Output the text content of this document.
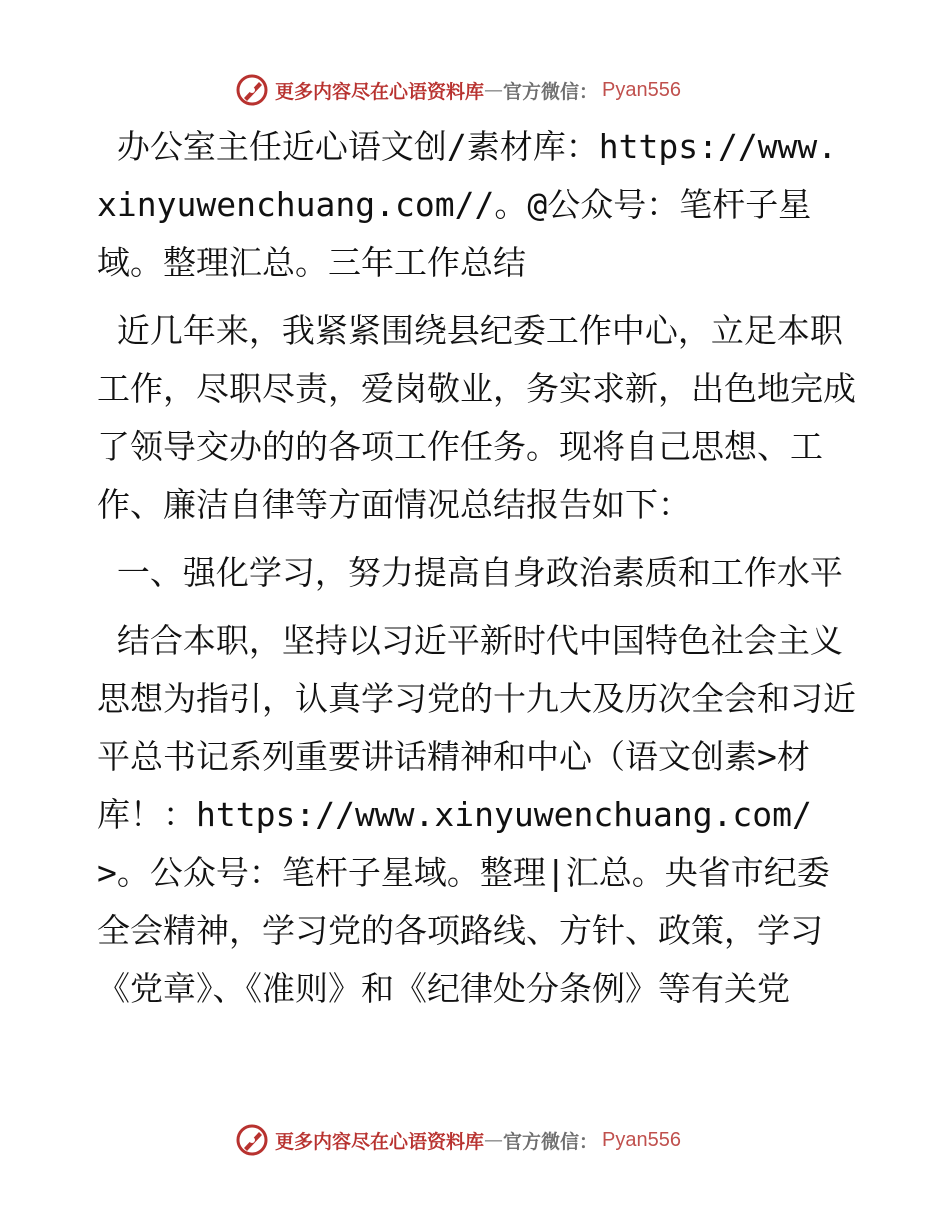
更多内容尽在心语资料库 — 官方微信： Pyan556

办公室主任近心语文创/素材库：https://www.xinyuwenchuang.com//。@公众号：笔杆子星域。整理汇总。三年工作总结

近几年来，我紧紧围绕县纪委工作中心，立足本职工作，尽职尽责，爱岗敬业，务实求新，出色地完成了领导交办的的各项工作任务。现将自己思想、工作、廉洁自律等方面情况总结报告如下：

一、强化学习，努力提高自身政治素质和工作水平

结合本职，坚持以习近平新时代中国特色社会主义思想为指引，认真学习党的十九大及历次全会和习近平总书记系列重要讲话精神和中心（语文创素>材库！：https://www.xinyuwenchuang.com/>。公众号：笔杆子星域。整理|汇总。央省市纪委全会精神，学习党的各项路线、方针、政策，学习《党章》、《准则》和《纪律处分条例》等有关党

更多内容尽在心语资料库 — 官方微信： Pyan556
